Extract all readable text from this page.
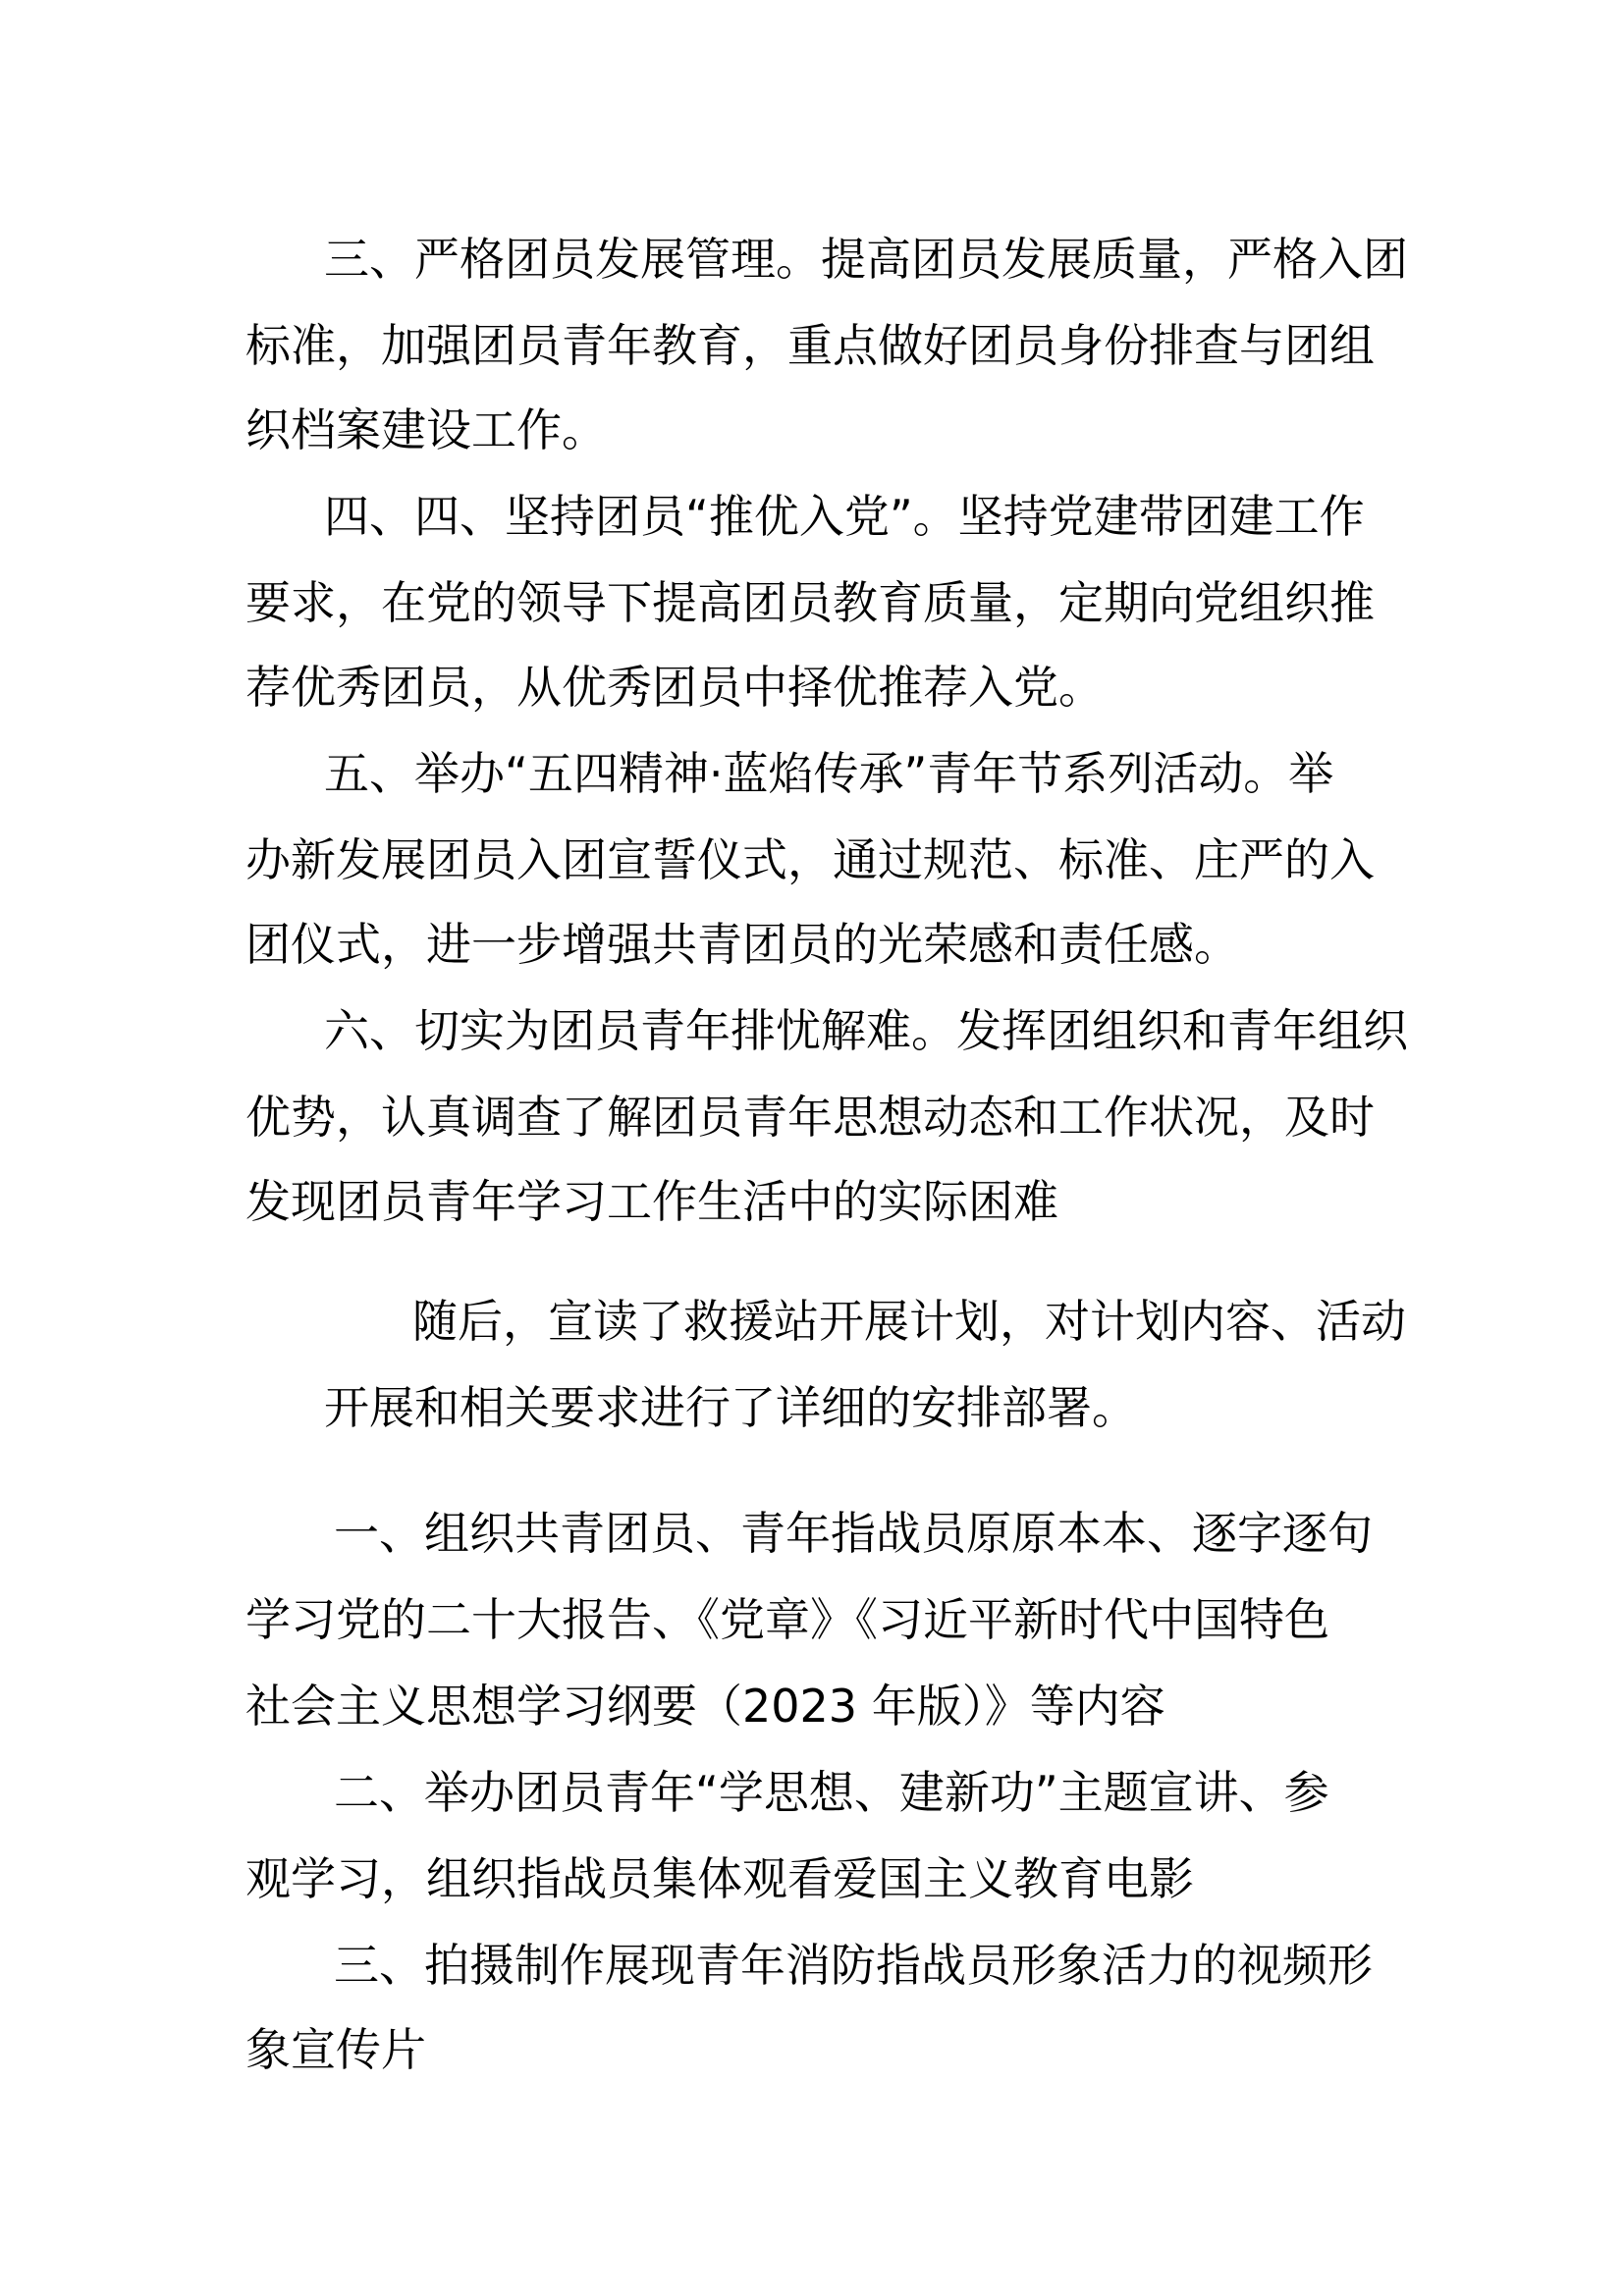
三、严格团员发展管理。提高团员发展质量，严格入团
标准，加强团员青年教育，重点做好团员身份排查与团组
织档案建设工作。
四、四、坚持团员“推优入党”。坚持党建带团建工作
要求，在党的领导下提高团员教育质量，定期向党组织推
荐优秀团员，从优秀团员中择优推荐入党。
五、举办“五四精神·蓝焰传承”青年节系列活动。举
办新发展团员入团宣誓仪式，通过规范、标准、庄严的入
团仪式，进一步增强共青团员的光荣感和责任感。
六、切实为团员青年排忧解难。发挥团组织和青年组织
优势，认真调查了解团员青年思想动态和工作状况，及时
发现团员青年学习工作生活中的实际困难
随后，宣读了救援站开展计划，对计划内容、活动
开展和相关要求进行了详细的安排部署。
一、组织共青团员、青年指战员原原本本、逐字逐句
学习党的二十大报告、《党章》《习近平新时代中国特色
社会主义思想学习纲要（2023 年版）》等内容
二、举办团员青年“学思想、建新功”主题宣讲、参
观学习，组织指战员集体观看爱国主义教育电影
三、拍摄制作展现青年消防指战员形象活力的视频形
象宣传片
